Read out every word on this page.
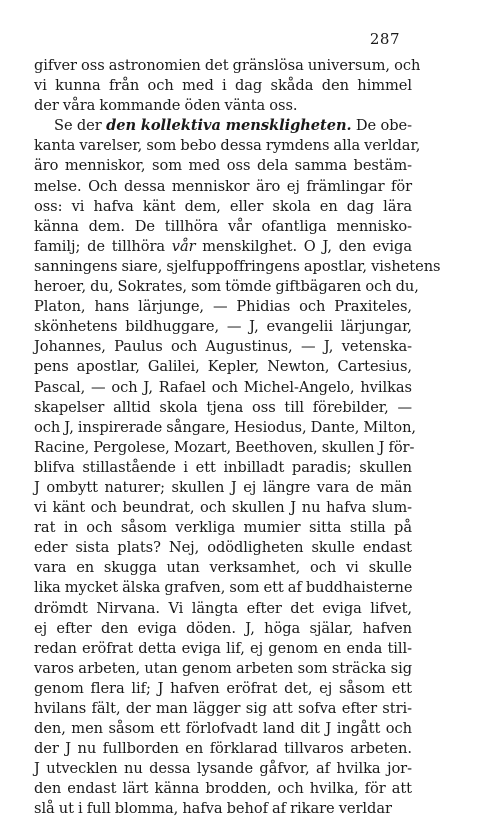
287
gifver oss astronomien det gränslösa universum, och
vi kunna från och med i dag skåda den himmel
der våra kommande öden vänta oss.
Se der den kollektiva menskligheten. De obe-
kanta varelser, som bebo dessa rymdens alla verldar,
äro menniskor, som med oss dela samma bestäm-
melse. Och dessa menniskor äro ej främlingar för
oss: vi hafva känt dem, eller skola en dag lära
känna dem. De tillhöra vår ofantliga mennisko-
familj; de tillhöra vår menskilghet. O J, den eviga
sanningens siare, sjelfuppoffringens apostlar, vishetens
heroer, du, Sokrates, som tömde giftbägaren och du,
Platon, hans lärjunge, — Phidias och Praxiteles,
skönhetens bildhuggare, — J, evangelii lärjungar,
Johannes, Paulus och Augustinus, — J, vetenska-
pens apostlar, Galilei, Kepler, Newton, Cartesius,
Pascal, — och J, Rafael och Michel-Angelo, hvilkas
skapelser alltid skola tjena oss till förebilder, —
och J, inspirerade sångare, Hesiodus, Dante, Milton,
Racine, Pergolese, Mozart, Beethoven, skullen J för-
blifva stillastående i ett inbilladt paradis; skullen
J ombytt naturer; skullen J ej längre vara de män
vi känt och beundrat, och skullen J nu hafva slum-
rat in och såsom verkliga mumier sitta stilla på
eder sista plats? Nej, odödligheten skulle endast
vara en skugga utan verksamhet, och vi skulle
lika mycket älska grafven, som ett af buddhaisterne
drömdt Nirvana. Vi längta efter det eviga lifvet,
ej efter den eviga döden. J, höga själar, hafven
redan eröfrat detta eviga lif, ej genom en enda till-
varos arbeten, utan genom arbeten som sträcka sig
genom flera lif; J hafven eröfrat det, ej såsom ett
hvilans fält, der man lägger sig att sofva efter stri-
den, men såsom ett förlofvadt land dit J ingått och
der J nu fullborden en förklarad tillvaros arbeten.
J utvecklen nu dessa lysande gåfvor, af hvilka jor-
den endast lärt känna brodden, och hvilka, för att
slå ut i full blomma, hafva behof af rikare verldar
